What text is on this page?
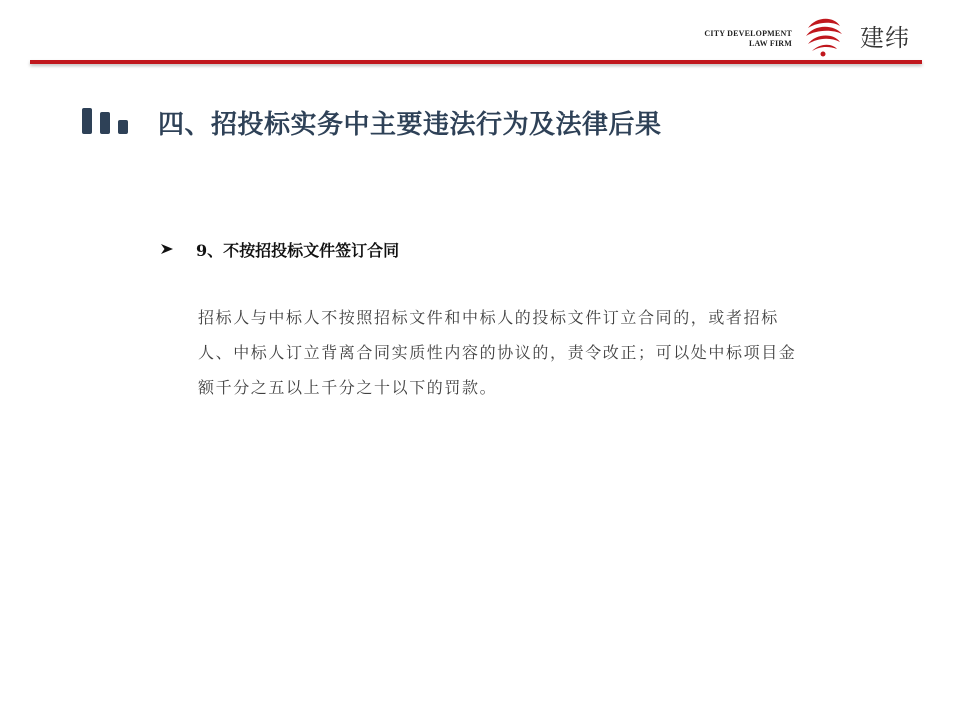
CITY DEVELOPMENT
LAW FIRM	建纬
四、招投标实务中主要违法行为及法律后果
9、不按招投标文件签订合同
招标人与中标人不按照招标文件和中标人的投标文件订立合同的，或者招标人、中标人订立背离合同实质性内容的协议的，责令改正；可以处中标项目金额千分之五以上千分之十以下的罚款。
